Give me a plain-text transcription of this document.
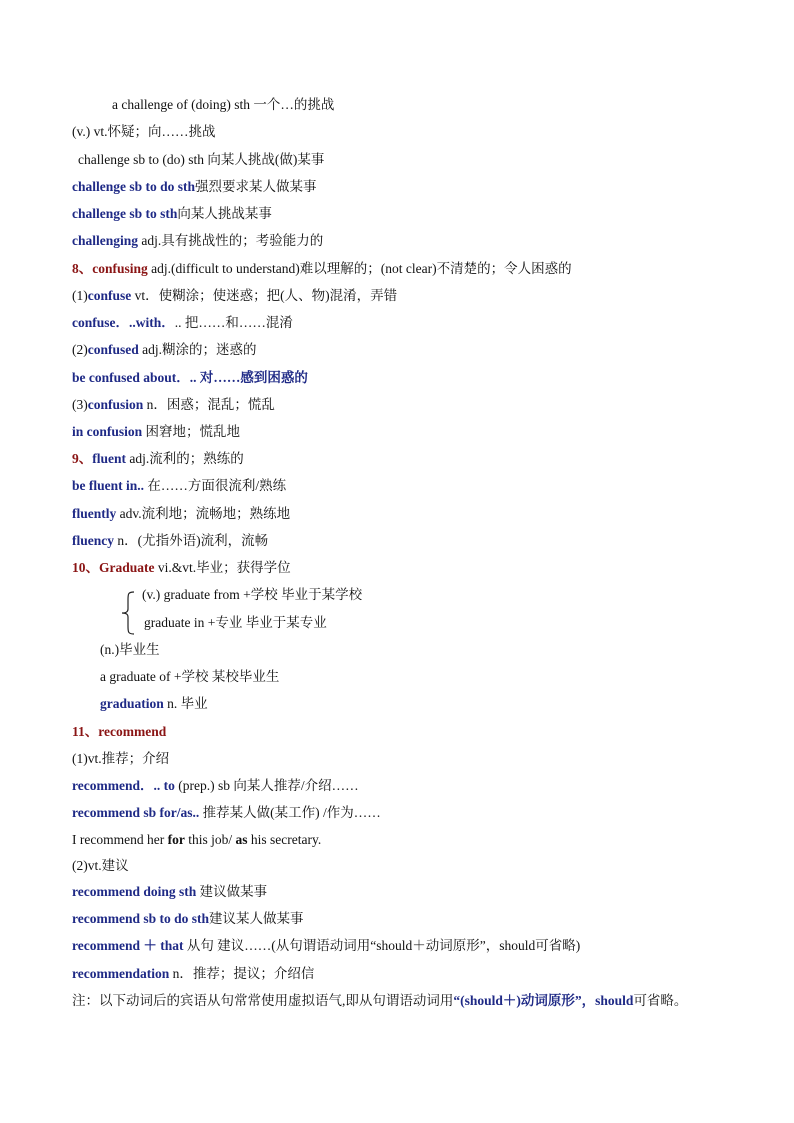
a challenge of (doing) sth 一个…的挑战
(v.) vt.怀疑；向……挑战
challenge sb to (do) sth 向某人挑战(做)某事
challenge sb to do sth强烈要求某人做某事
challenge sb to sth向某人挑战某事
challenging adj.具有挑战性的；考验能力的
8、confusing adj.(difficult to understand)难以理解的；(not clear)不清楚的；令人困惑的
(1)confuse vt．使糊涂；使迷惑；把(人、物)混淆，弄错
confuse．..with．.. 把……和……混淆
(2)confused adj.糊涂的；迷惑的
be confused about．.. 对……感到困惑的
(3)confusion n．困惑；混乱；慌乱
in confusion 困窘地；慌乱地
9、fluent adj.流利的；熟练的
be fluent in.. 在……方面很流利/熟练
fluently adv.流利地；流畅地；熟练地
fluency n．(尤指外语)流利，流畅
10、Graduate vi.&vt.毕业；获得学位
(v.) graduate from +学校 毕业于某学校
graduate in +专业 毕业于某专业
(n.)毕业生
a graduate of +学校 某校毕业生
graduation n. 毕业
11、recommend
(1)vt.推荐；介绍
recommend．.. to (prep.) sb 向某人推荐/介绍……
recommend sb for/as.. 推荐某人做(某工作) /作为……
I recommend her for this job/ as his secretary.
(2)vt.建议
recommend doing sth 建议做某事
recommend sb to do sth建议某人做某事
recommend ＋ that 从句 建议……(从句谓语动词用“should＋动词原形”，should可省略)
recommendation n．推荐；提议；介绍信
注：以下动词后的宾语从句常常使用虚拟语气,即从句谓语动词用“(should＋)动词原形”，should可省略。
